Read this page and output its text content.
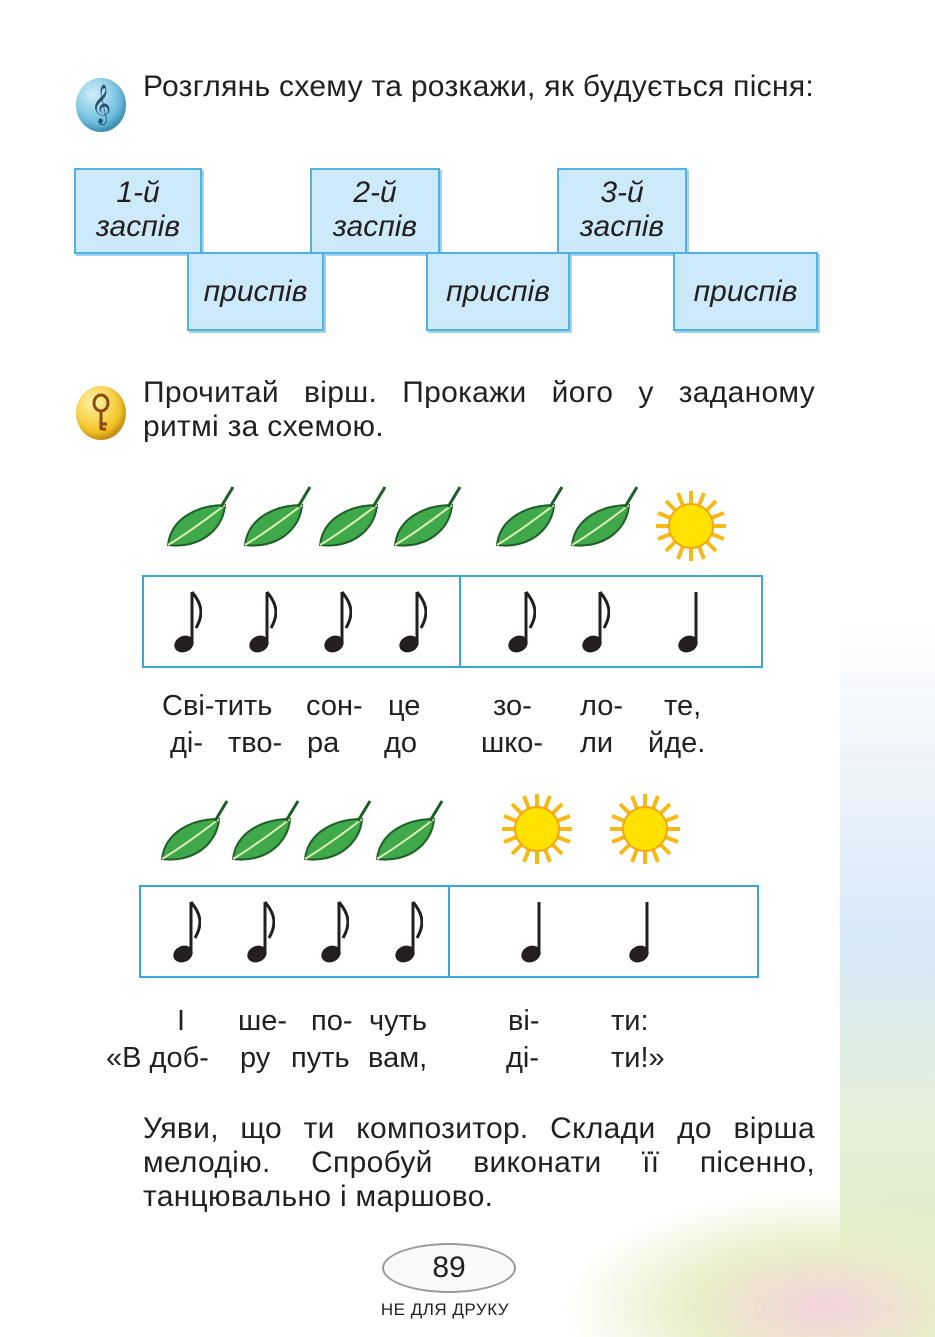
𝄞	Розглянь схему та розкажи, як будується пісня:
1-й
заспів
2-й
заспів
3-й
заспів
приспів	приспів	приспів
Прочитай вірш. Прокажи його у заданому ритмі за схемою.
Сві-тить сон- це	зо- ло- те,
ді- тво- ра до шко- ли йде.
І ше- по- чуть	ві- ти:
«В доб- ру путь вам,	ді- ти!»
Уяви, що ти композитор. Склади до вірша мелодію. Спробуй виконати її пісенно, танцювально і маршово.
89
НЕ ДЛЯ ДРУКУ
